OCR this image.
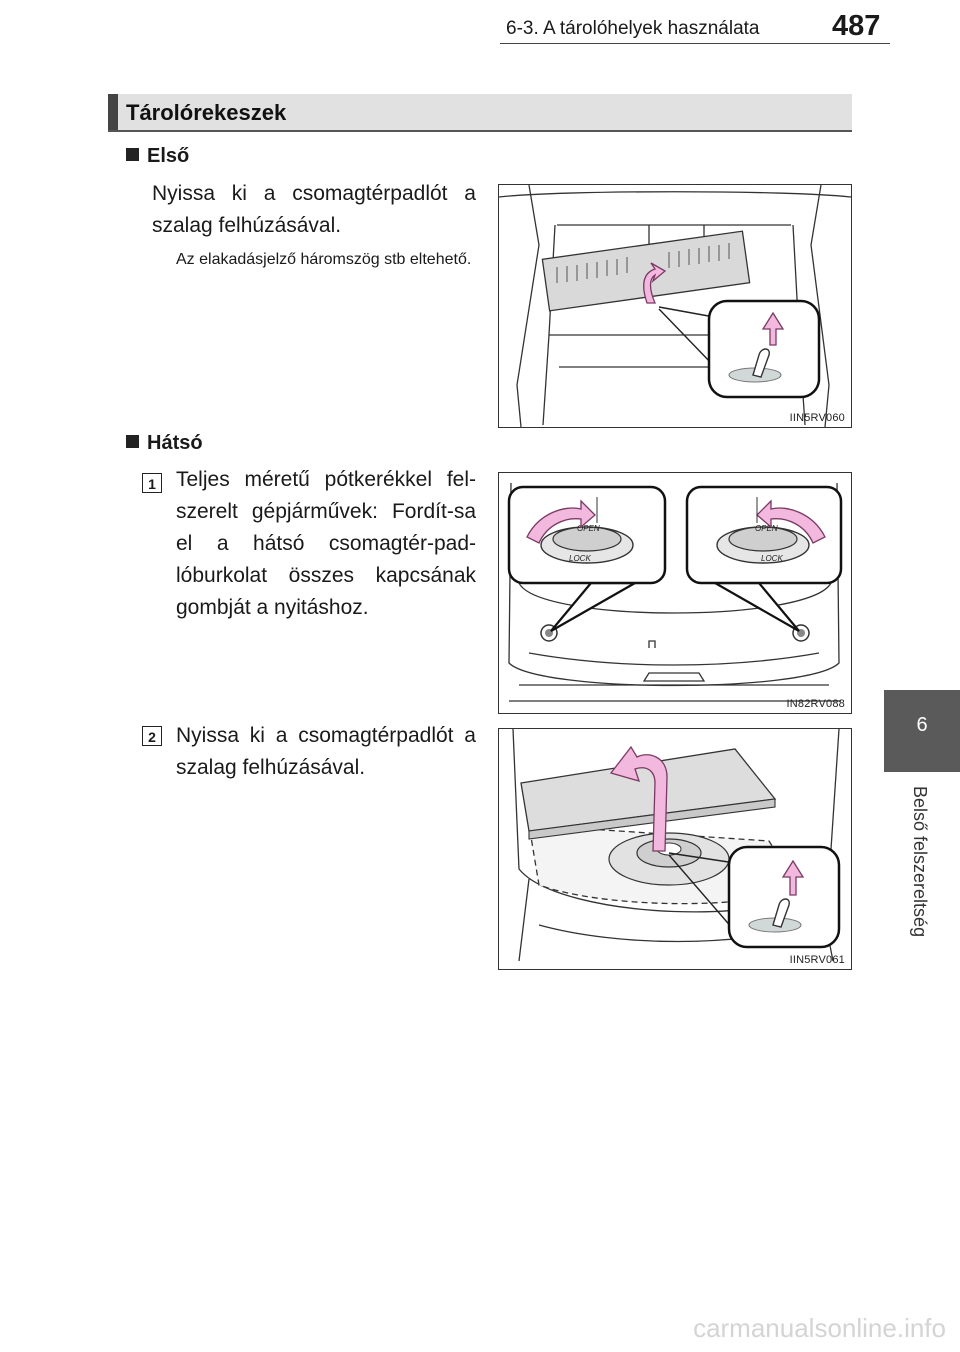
6-3. A tárolóhelyek használata 487
Tárolórekeszek
Első
Nyissa ki a csomagtérpadlót a szalag felhúzásával.
Az elakadásjelző háromszög stb eltehető.
IIN5RV060
Hátsó
1 Teljes méretű pótkerékkel fel-szerelt gépjárművek: Fordít-sa el a hátsó csomagtér-pad-lóburkolat összes kapcsának gombját a nyitáshoz.
LOCK
OPEN
LOCK
OPEN
IN82RV088
2 Nyissa ki a csomagtérpadlót a szalag felhúzásával.
IIN5RV061
6
Belső felszereltség
carmanualsonline.info
